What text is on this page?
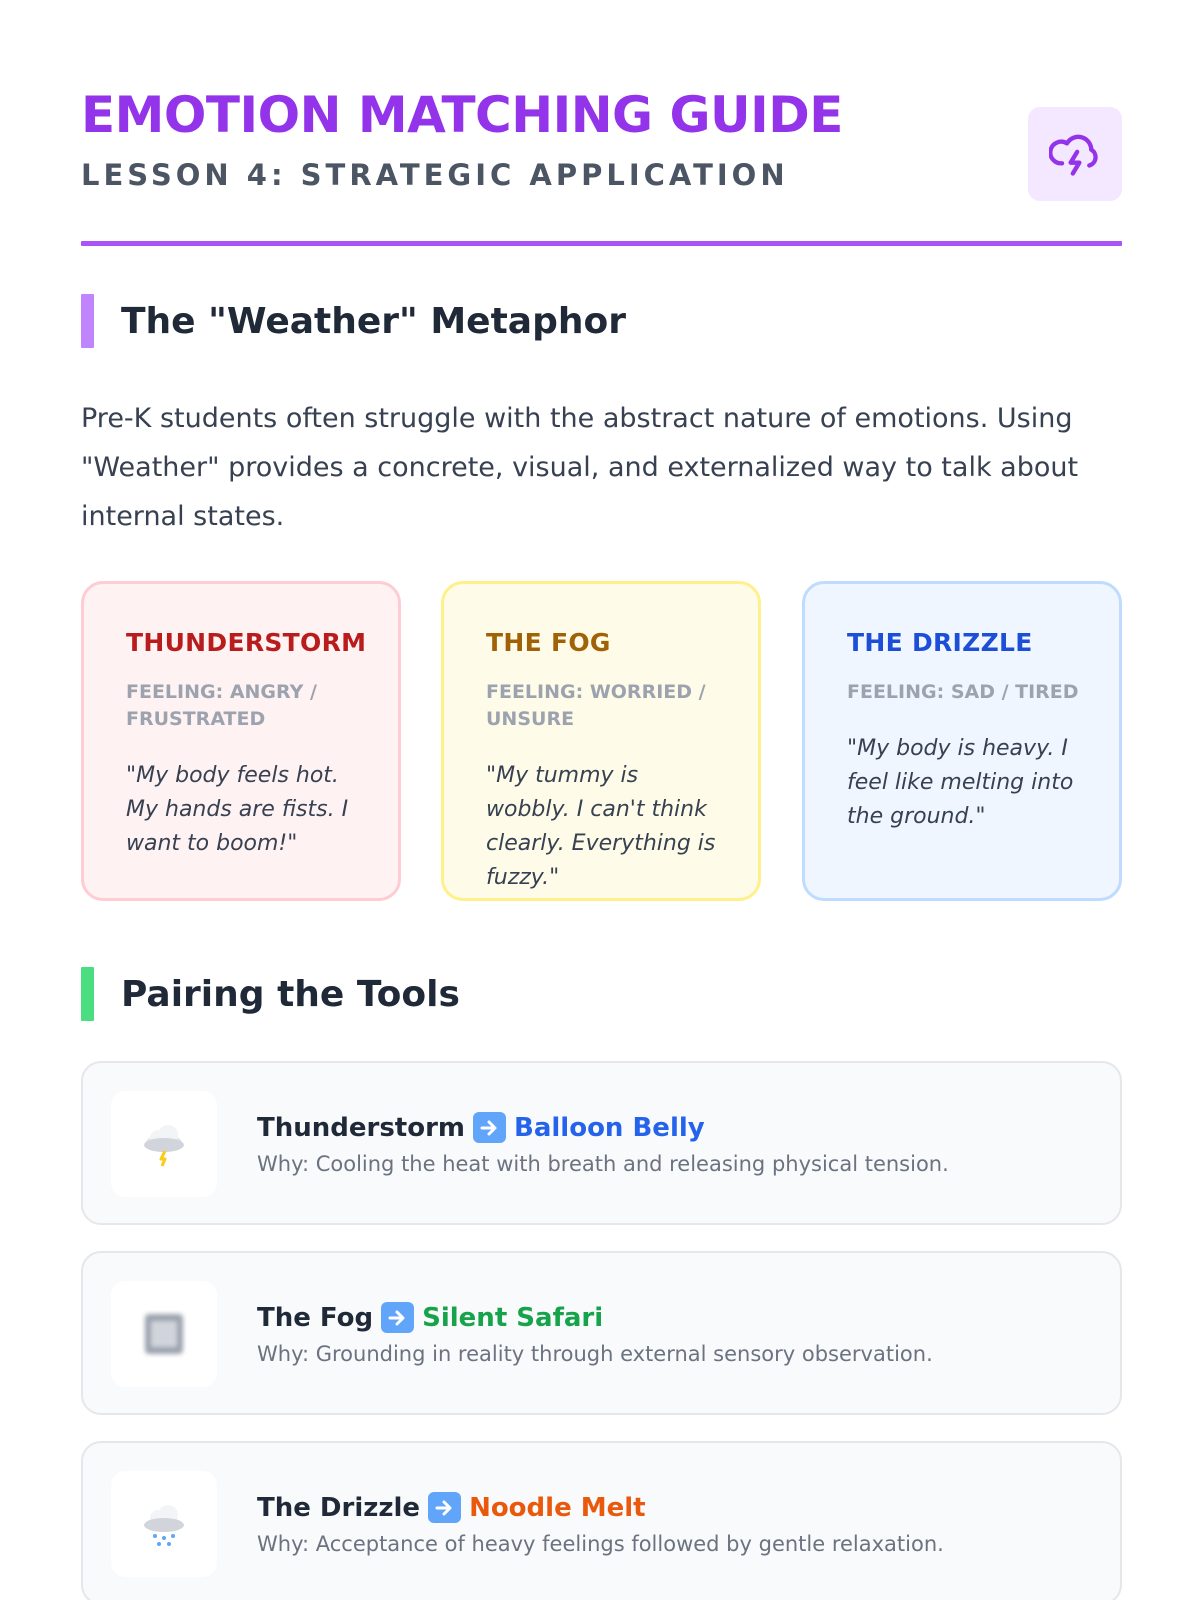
EMOTION MATCHING GUIDE
LESSON 4: STRATEGIC APPLICATION
The "Weather" Metaphor

Pre-K students often struggle with the abstract nature of emotions. Using "Weather" provides a concrete, visual, and externalized way to talk about internal states.

THUNDERSTORM
FEELING: ANGRY / FRUSTRATED
"My body feels hot. My hands are fists. I want to boom!"
THE FOG
FEELING: WORRIED / UNSURE
"My tummy is wobbly. I can't think clearly. Everything is fuzzy."
THE DRIZZLE
FEELING: SAD / TIRED
"My body is heavy. I feel like melting into the ground."
Pairing the Tools
Thunderstorm Balloon Belly
Why: Cooling the heat with breath and releasing physical tension.
The Fog Silent Safari
Why: Grounding in reality through external sensory observation.
The Drizzle Noodle Melt
Why: Acceptance of heavy feelings followed by gentle relaxation.
